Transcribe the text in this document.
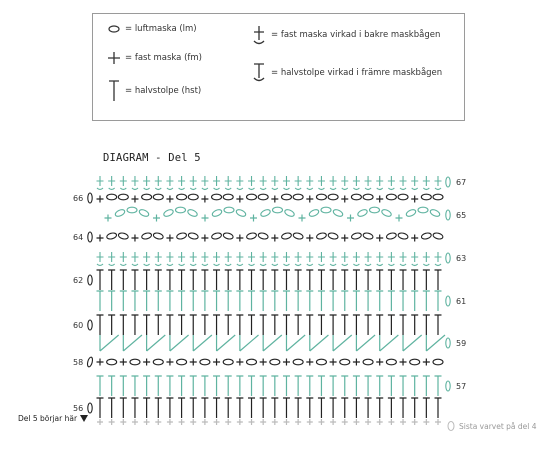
= luftmaska (lm)
= fast maska (fm)
= halvstolpe (hst)
= fast maska virkad i bakre maskbågen
= halvstolpe virkad i främre maskbågen
DIAGRAM - Del 5
56
58
60
62
64
66
57
59
61
63
65
67
Del 5 börjar här
Sista varvet på del 4
